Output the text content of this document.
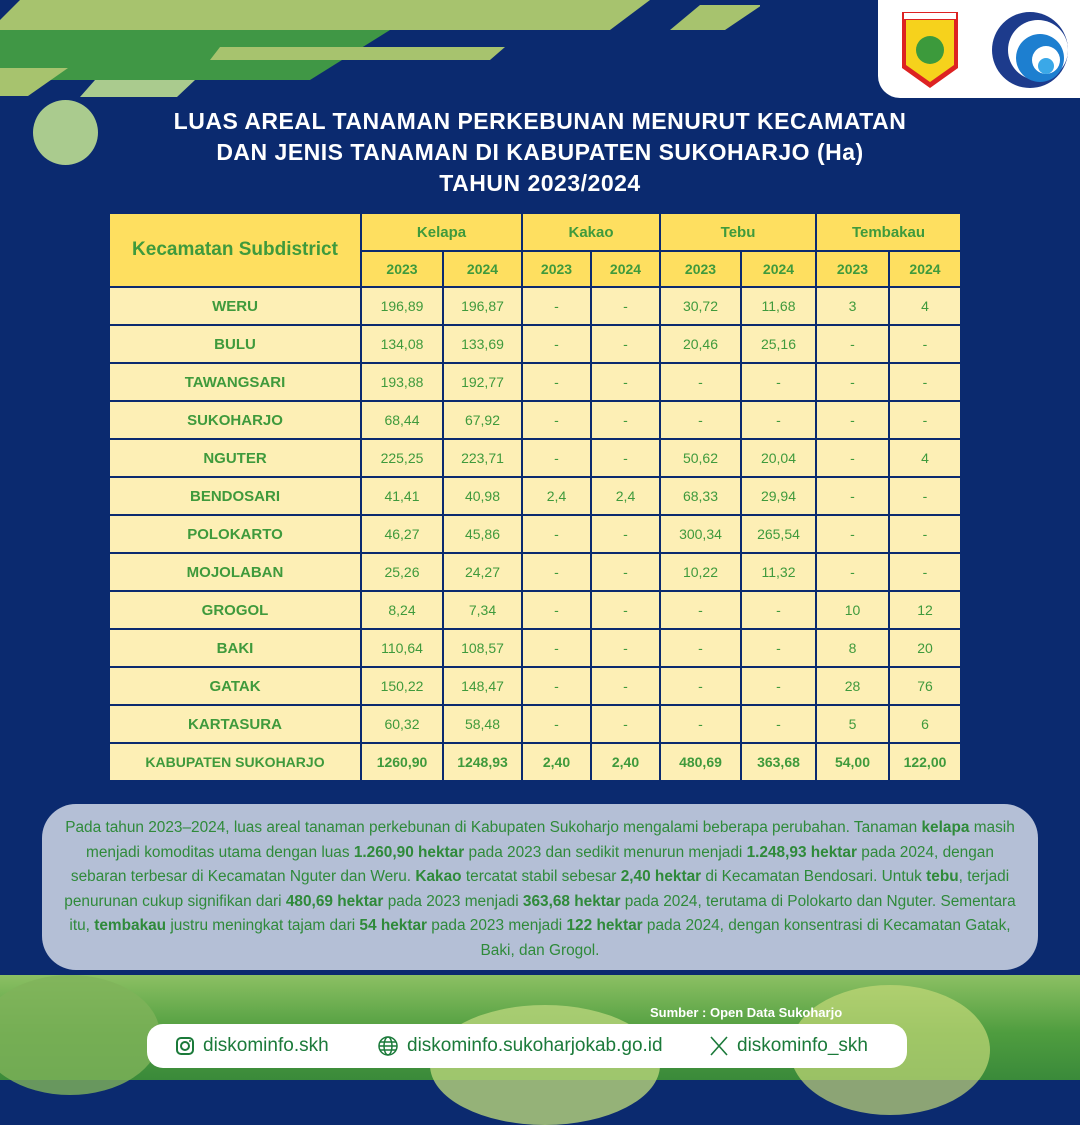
LUAS AREAL TANAMAN PERKEBUNAN MENURUT KECAMATAN
DAN JENIS TANAMAN DI KABUPATEN SUKOHARJO (Ha)
TAHUN 2023/2024
Kecamatan Subdistrict	Kelapa		Kakao		Tebu		Tembakau	
	2023	2024	2023	2024	2023	2024	2023	2024
WERU	196,89	196,87	-	-	30,72	11,68	3	4
BULU	134,08	133,69	-	-	20,46	25,16	-	-
TAWANGSARI	193,88	192,77	-	-	-	-	-	-
SUKOHARJO	68,44	67,92	-	-	-	-	-	-
NGUTER	225,25	223,71	-	-	50,62	20,04	-	4
BENDOSARI	41,41	40,98	2,4	2,4	68,33	29,94	-	-
POLOKARTO	46,27	45,86	-	-	300,34	265,54	-	-
MOJOLABAN	25,26	24,27	-	-	10,22	11,32	-	-
GROGOL	8,24	7,34	-	-	-	-	10	12
BAKI	110,64	108,57	-	-	-	-	8	20
GATAK	150,22	148,47	-	-	-	-	28	76
KARTASURA	60,32	58,48	-	-	-	-	5	6
KABUPATEN SUKOHARJO	1260,90	1248,93	2,40	2,40	480,69	363,68	54,00	122,00
Pada tahun 2023–2024, luas areal tanaman perkebunan di Kabupaten Sukoharjo mengalami beberapa perubahan. Tanaman kelapa masih menjadi komoditas utama dengan luas 1.260,90 hektar pada 2023 dan sedikit menurun menjadi 1.248,93 hektar pada 2024, dengan sebaran terbesar di Kecamatan Nguter dan Weru. Kakao tercatat stabil sebesar 2,40 hektar di Kecamatan Bendosari. Untuk tebu, terjadi penurunan cukup signifikan dari 480,69 hektar pada 2023 menjadi 363,68 hektar pada 2024, terutama di Polokarto dan Nguter. Sementara itu, tembakau justru meningkat tajam dari 54 hektar pada 2023 menjadi 122 hektar pada 2024, dengan konsentrasi di Kecamatan Gatak, Baki, dan Grogol.
Sumber : Open Data Sukoharjo
diskominfo.skh	diskominfo.sukoharjokab.go.id	diskominfo_skh
